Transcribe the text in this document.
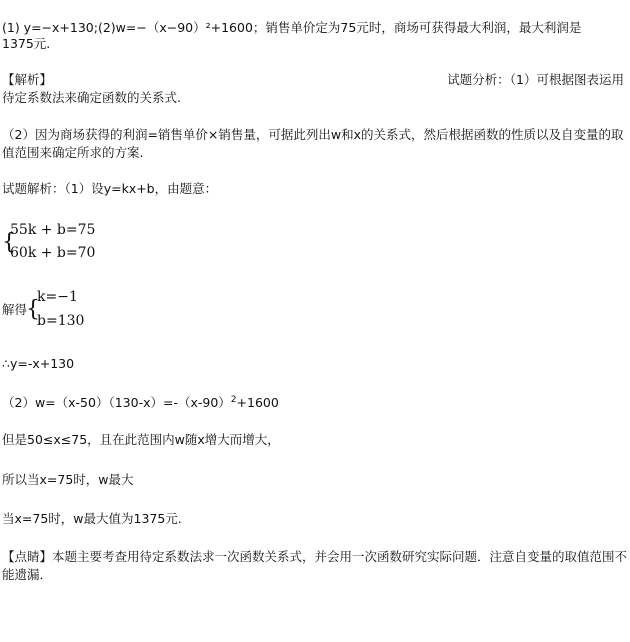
(1) y=−x+130;(2)w=−（x−90）²+1600；销售单价定为75元时，商场可获得最大利润，最大利润是
1375元.
【解析】	试题分析：（1）可根据图表运用
待定系数法来确定函数的关系式.
（2）因为商场获得的利润=销售单价×销售量，可据此列出w和x的关系式，然后根据函数的性质以及自变量的取值范围来确定所求的方案.
试题解析：（1）设y=kx+b，由题意：
{
55k + b=75
60k + b=70
解得
{
k=−1
b=130
∴y=-x+130
$(2)w=(x-50)(130-x)=-(x-90)^2+1600$
但是50≤x≤75，且在此范围内w随x增大而增大，
所以当x=75时，w最大
当x=75时，w最大值为1375元.
【点睛】本题主要考查用待定系数法求一次函数关系式，并会用一次函数研究实际问题．注意自变量的取值范围不能遗漏．
